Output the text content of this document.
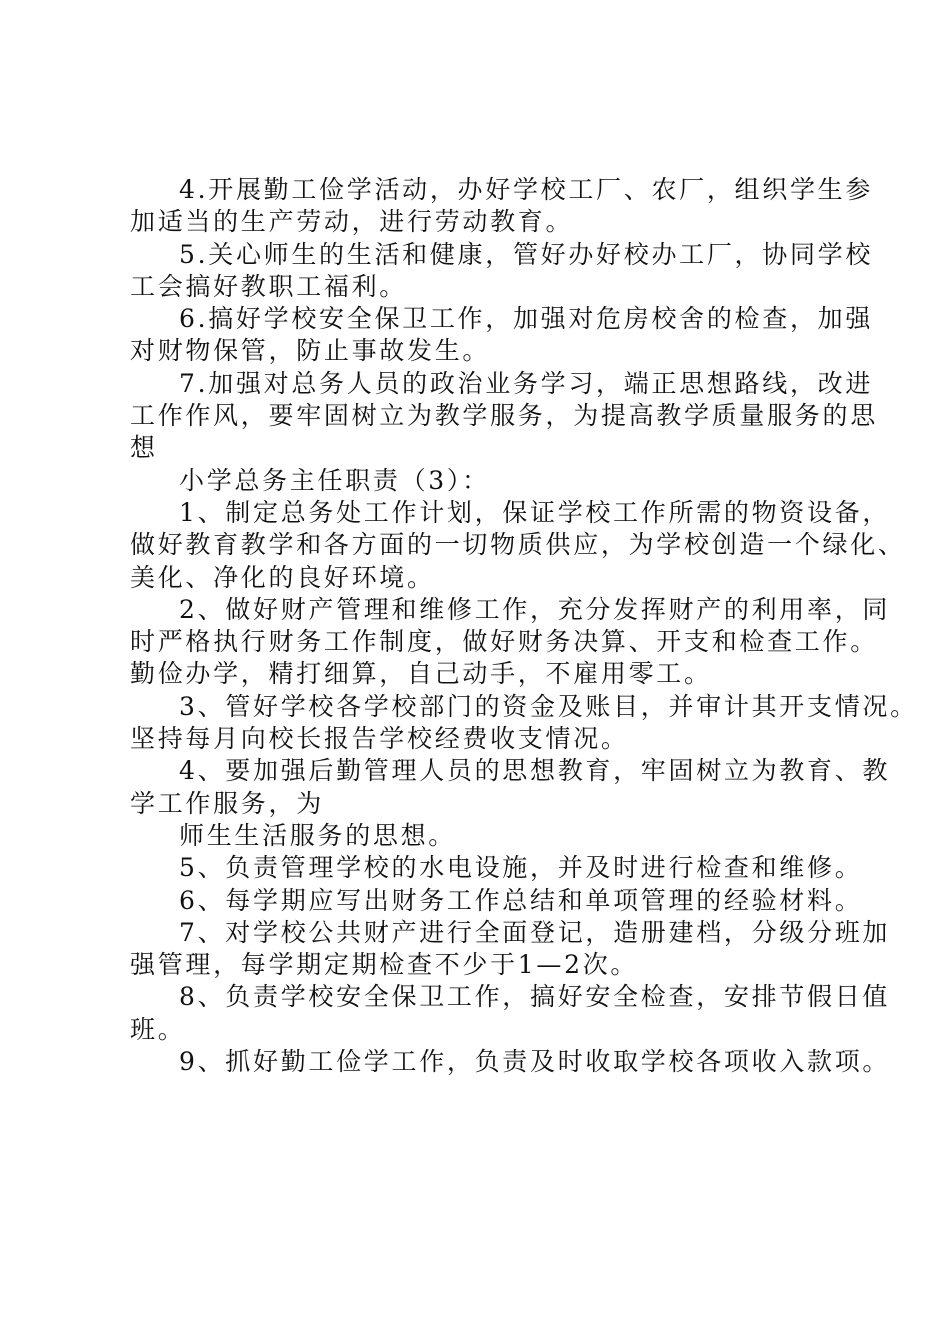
4.开展勤工俭学活动，办好学校工厂、农厂，组织学生参
加适当的生产劳动，进行劳动教育。
5.关心师生的生活和健康，管好办好校办工厂，协同学校
工会搞好教职工福利。
6.搞好学校安全保卫工作，加强对危房校舍的检查，加强
对财物保管，防止事故发生。
7.加强对总务人员的政治业务学习，端正思想路线，改进
工作作风，要牢固树立为教学服务，为提高教学质量服务的思
想
小学总务主任职责（3）：
1、制定总务处工作计划，保证学校工作所需的物资设备，
做好教育教学和各方面的一切物质供应，为学校创造一个绿化、
美化、净化的良好环境。
2、做好财产管理和维修工作，充分发挥财产的利用率，同
时严格执行财务工作制度，做好财务决算、开支和检查工作。
勤俭办学，精打细算，自己动手，不雇用零工。
3、管好学校各学校部门的资金及账目，并审计其开支情况。
坚持每月向校长报告学校经费收支情况。
4、要加强后勤管理人员的思想教育，牢固树立为教育、教
学工作服务，为
师生生活服务的思想。
5、负责管理学校的水电设施，并及时进行检查和维修。
6、每学期应写出财务工作总结和单项管理的经验材料。
7、对学校公共财产进行全面登记，造册建档，分级分班加
强管理，每学期定期检查不少于1—2次。
8、负责学校安全保卫工作，搞好安全检查，安排节假日值
班。
9、抓好勤工俭学工作，负责及时收取学校各项收入款项。
